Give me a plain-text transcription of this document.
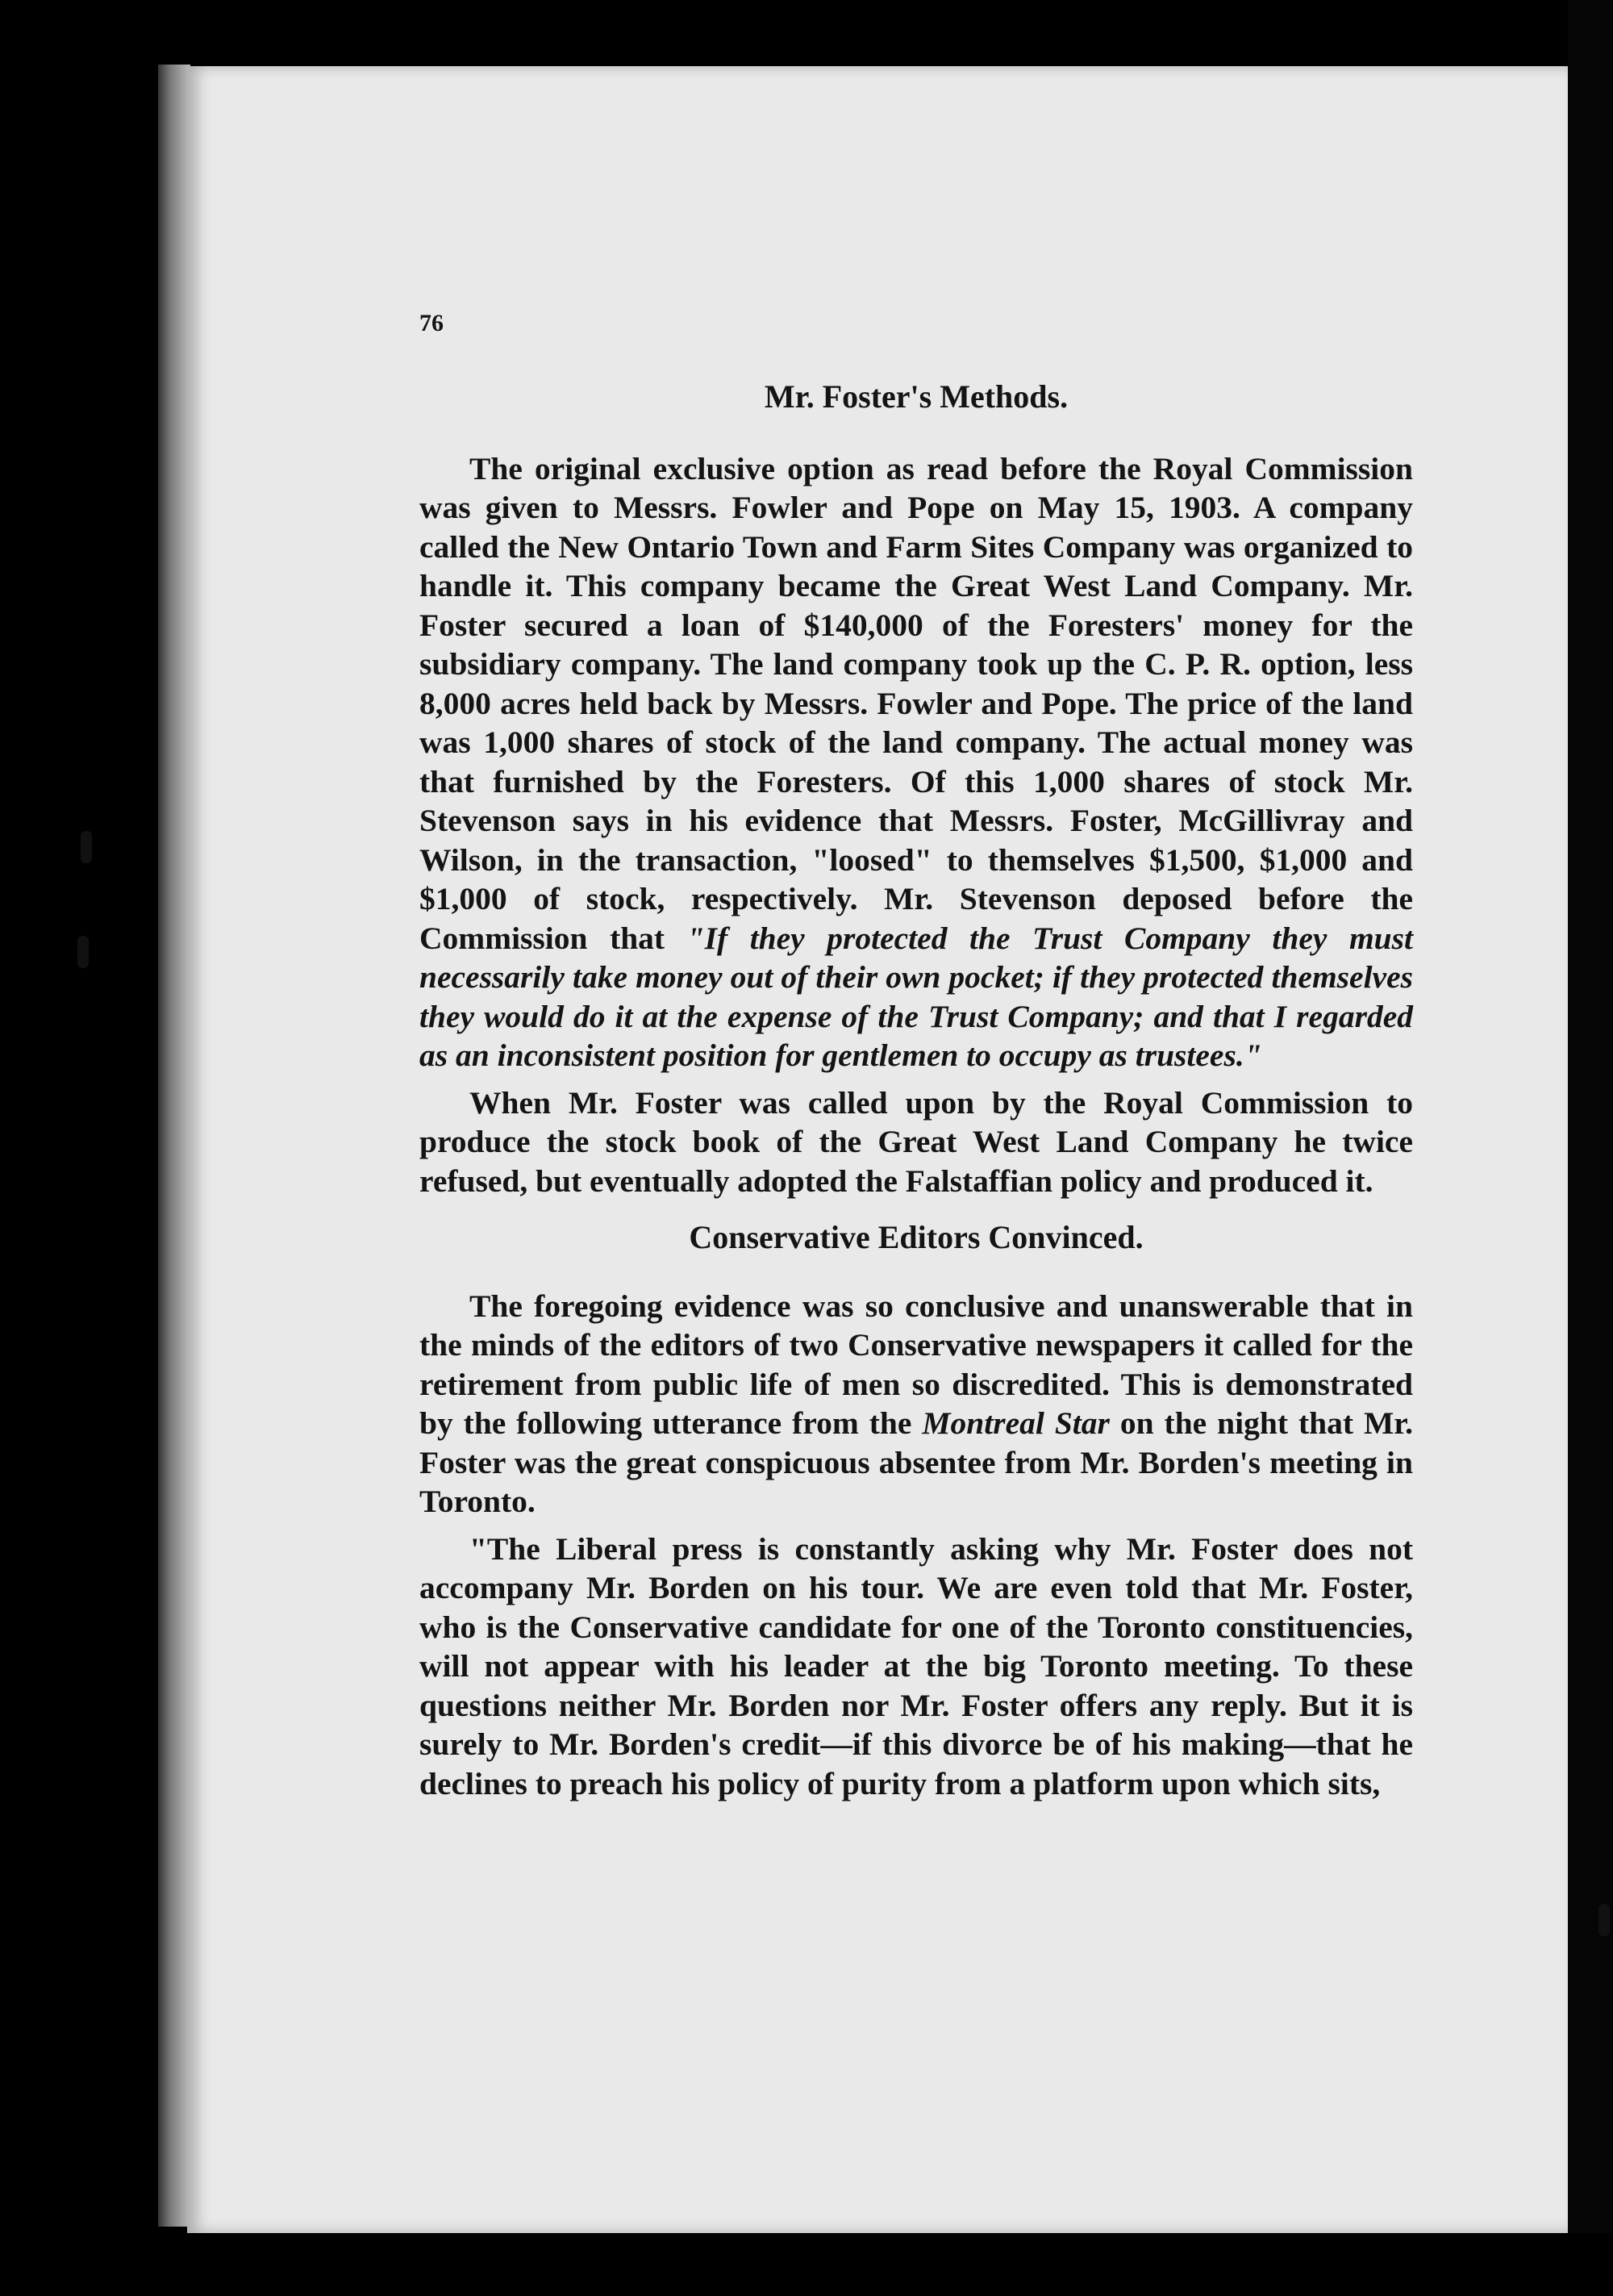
76
Mr. Foster's Methods.

The original exclusive option as read before the Royal Commission was given to Messrs. Fowler and Pope on May 15, 1903. A company called the New Ontario Town and Farm Sites Company was organized to handle it. This company became the Great West Land Company. Mr. Foster secured a loan of $140,000 of the Foresters' money for the subsidiary company. The land company took up the C. P. R. option, less 8,000 acres held back by Messrs. Fowler and Pope. The price of the land was 1,000 shares of stock of the land company. The actual money was that furnished by the Foresters. Of this 1,000 shares of stock Mr. Stevenson says in his evidence that Messrs. Foster, McGillivray and Wilson, in the transaction, "loosed" to themselves $1,500, $1,000 and $1,000 of stock, respectively. Mr. Stevenson deposed before the Commission that "If they protected the Trust Company they must necessarily take money out of their own pocket; if they protected themselves they would do it at the expense of the Trust Company; and that I regarded as an inconsistent position for gentlemen to occupy as trustees."

When Mr. Foster was called upon by the Royal Commission to produce the stock book of the Great West Land Company he twice refused, but eventually adopted the Falstaffian policy and produced it.

Conservative Editors Convinced.

The foregoing evidence was so conclusive and unanswerable that in the minds of the editors of two Conservative newspapers it called for the retirement from public life of men so discredited. This is demonstrated by the following utterance from the Montreal Star on the night that Mr. Foster was the great conspicuous absentee from Mr. Borden's meeting in Toronto.

"The Liberal press is constantly asking why Mr. Foster does not accompany Mr. Borden on his tour. We are even told that Mr. Foster, who is the Conservative candidate for one of the Toronto constituencies, will not appear with his leader at the big Toronto meeting. To these questions neither Mr. Borden nor Mr. Foster offers any reply. But it is surely to Mr. Borden's credit—if this divorce be of his making—that he declines to preach his policy of purity from a platform upon which sits,
